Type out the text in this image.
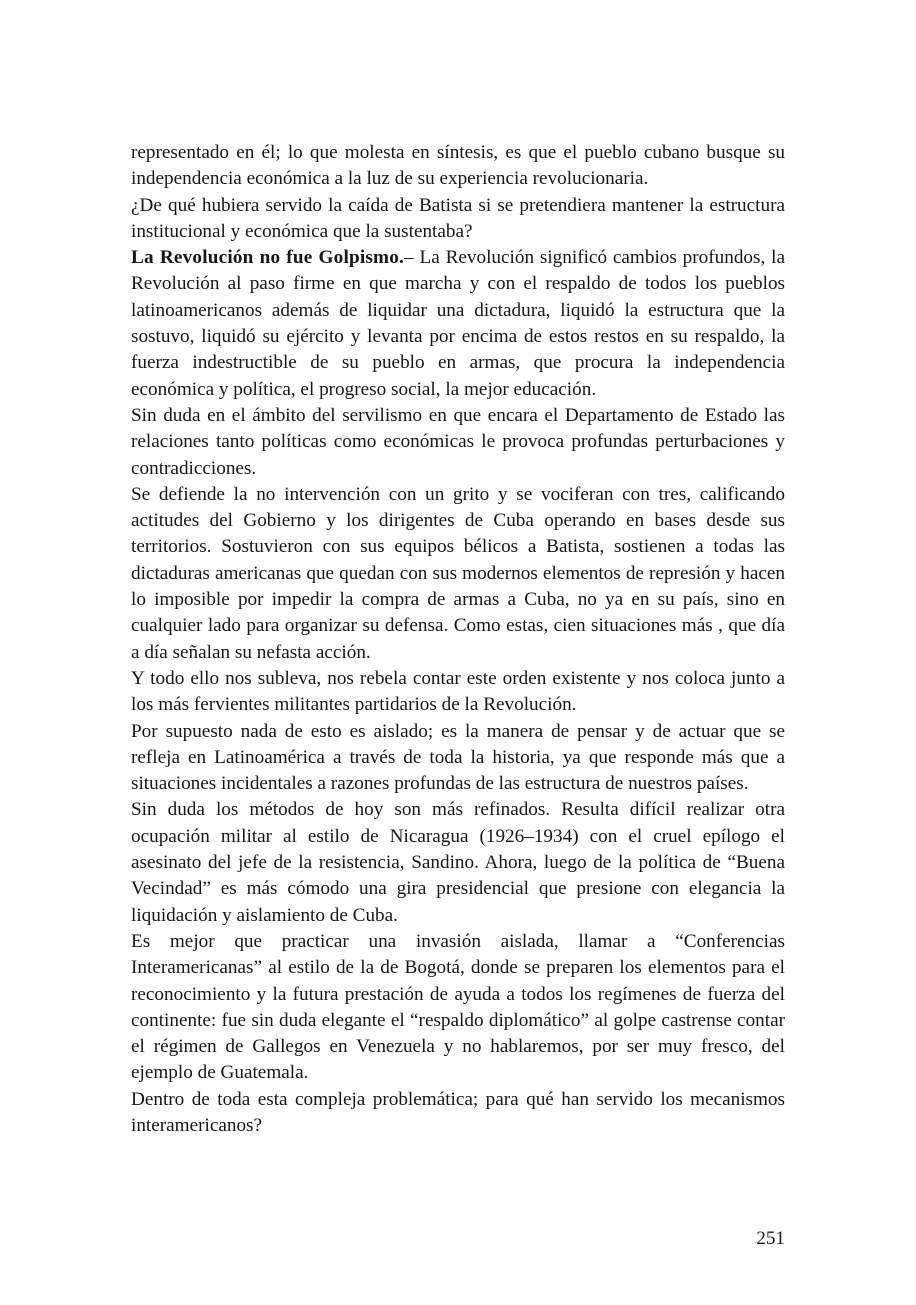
representado en él; lo que molesta en síntesis, es que el pueblo cubano busque su independencia económica a la luz de su experiencia revolucionaria.

¿De qué hubiera servido la caída de Batista si se pretendiera mantener la estructura institucional y económica que la sustentaba?

La Revolución no fue Golpismo.– La Revolución significó cambios profundos, la Revolución al paso firme en que marcha y con el respaldo de todos los pueblos latinoamericanos además de liquidar una dictadura, liquidó la estructura que la sostuvo, liquidó su ejército y levanta por encima de estos restos en su respaldo, la fuerza indestructible de su pueblo en armas, que procura la independencia económica y política, el progreso social, la mejor educación.

Sin duda en el ámbito del servilismo en que encara el Departamento de Estado las relaciones tanto políticas como económicas le provoca profundas perturbaciones y contradicciones.

Se defiende la no intervención con un grito y se vociferan con tres, calificando actitudes del Gobierno y los dirigentes de Cuba operando en bases desde sus territorios. Sostuvieron con sus equipos bélicos a Batista, sostienen a todas las dictaduras americanas que quedan con sus modernos elementos de represión y hacen lo imposible por impedir la compra de armas a Cuba, no ya en su país, sino en cualquier lado para organizar su defensa. Como estas, cien situaciones más , que día a día señalan su nefasta acción.

Y todo ello nos subleva, nos rebela contar este orden existente y nos coloca junto a los más fervientes militantes partidarios de la Revolución.

Por supuesto nada de esto es aislado; es la manera de pensar y de actuar que se refleja en Latinoamérica a través de toda la historia, ya que responde más que a situaciones incidentales a razones profundas de las estructura de nuestros países.

Sin duda los métodos de hoy son más refinados. Resulta difícil realizar otra ocupación militar al estilo de Nicaragua (1926–1934) con el cruel epílogo el asesinato del jefe de la resistencia, Sandino. Ahora, luego de la política de “Buena Vecindad” es más cómodo una gira presidencial que presione con elegancia la liquidación y aislamiento de Cuba.

Es mejor que practicar una invasión aislada, llamar a “Conferencias Interamericanas” al estilo de la de Bogotá, donde se preparen los elementos para el reconocimiento y la futura prestación de ayuda a todos los regímenes de fuerza del continente: fue sin duda elegante el “respaldo diplomático” al golpe castrense contar el régimen de Gallegos en Venezuela y no hablaremos, por ser muy fresco, del ejemplo de Guatemala.

Dentro de toda esta compleja problemática; para qué han servido los mecanismos interamericanos?

251
